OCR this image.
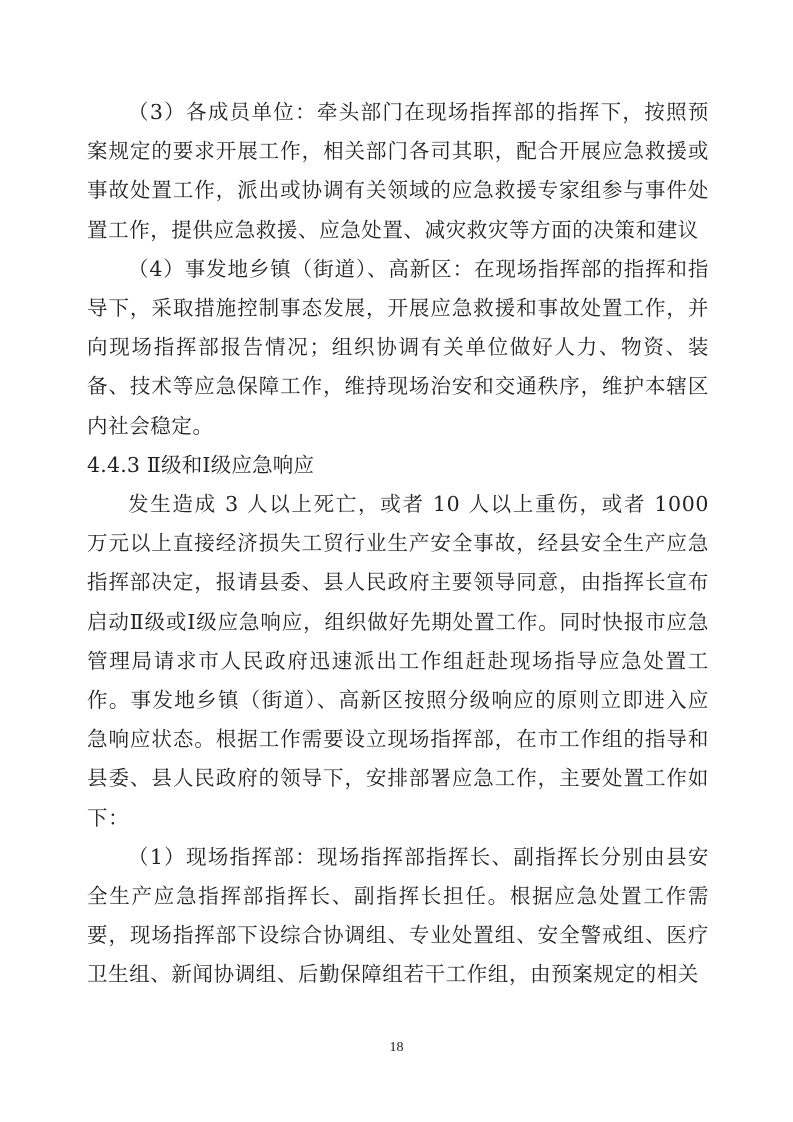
（3）各成员单位：牵头部门在现场指挥部的指挥下，按照预案规定的要求开展工作，相关部门各司其职，配合开展应急救援或事故处置工作，派出或协调有关领域的应急救援专家组参与事件处置工作，提供应急救援、应急处置、减灾救灾等方面的决策和建议

（4）事发地乡镇（街道）、高新区：在现场指挥部的指挥和指导下，采取措施控制事态发展，开展应急救援和事故处置工作，并向现场指挥部报告情况；组织协调有关单位做好人力、物资、装备、技术等应急保障工作，维持现场治安和交通秩序，维护本辖区内社会稳定。

4.4.3 Ⅱ级和Ⅰ级应急响应

发生造成 3 人以上死亡，或者 10 人以上重伤，或者 1000 万元以上直接经济损失工贸行业生产安全事故，经县安全生产应急指挥部决定，报请县委、县人民政府主要领导同意，由指挥长宣布启动Ⅱ级或Ⅰ级应急响应，组织做好先期处置工作。同时快报市应急管理局请求市人民政府迅速派出工作组赶赴现场指导应急处置工作。事发地乡镇（街道）、高新区按照分级响应的原则立即进入应急响应状态。根据工作需要设立现场指挥部，在市工作组的指导和县委、县人民政府的领导下，安排部署应急工作，主要处置工作如下：

（1）现场指挥部：现场指挥部指挥长、副指挥长分别由县安全生产应急指挥部指挥长、副指挥长担任。根据应急处置工作需要，现场指挥部下设综合协调组、专业处置组、安全警戒组、医疗卫生组、新闻协调组、后勤保障组若干工作组，由预案规定的相关

18
